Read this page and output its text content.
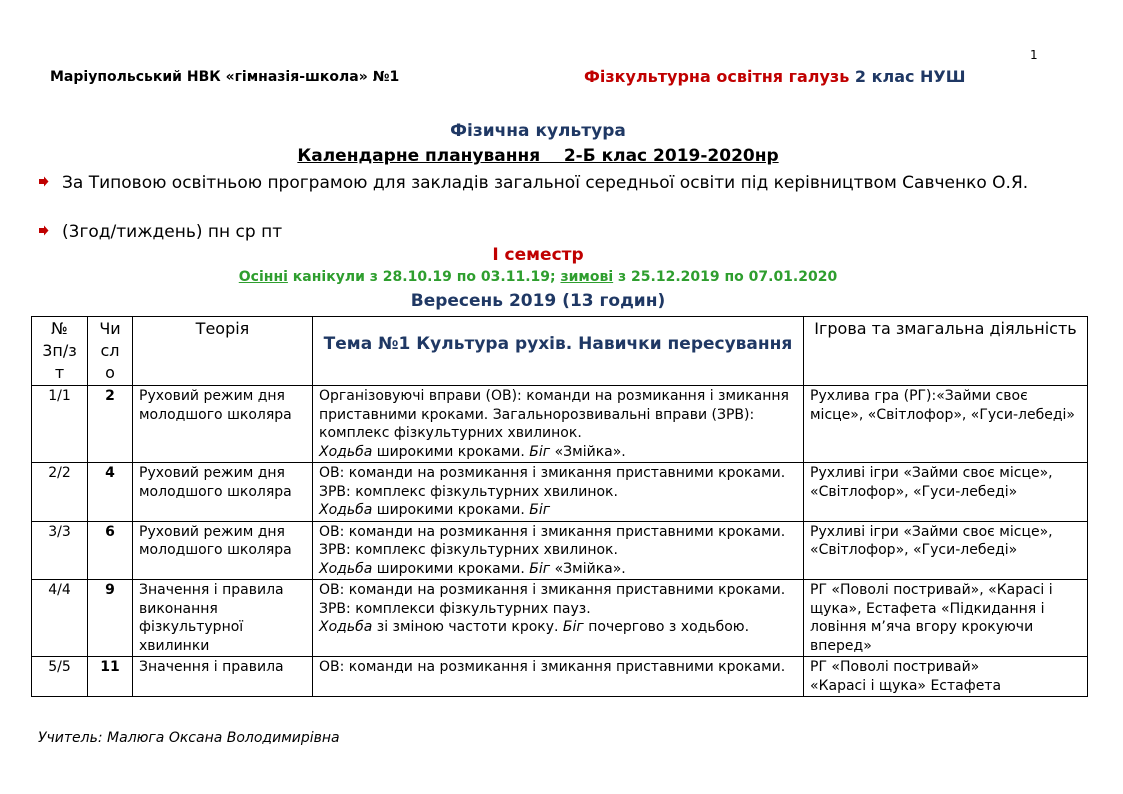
1
Маріупольський НВК «гімназія-школа» №1	Фізкультурна освітня галузь 2 клас НУШ
Фізична культура
Календарне планування    2-Б клас 2019-2020нр
За Типовою освітньою програмою для закладів загальної середньої освіти під керівництвом Савченко О.Я.
(3год/тиждень) пн ср пт
І семестр
Осінні канікули з 28.10.19 по 03.11.19; зимові з 25.12.2019 по 07.01.2020
Вересень 2019 (13 годин)
№ 3п/з т	Чи сл о	Теорія	Тема №1 Культура рухів. Навички пересування	Ігрова та змагальна діяльність
1/1	2	Руховий режим дня молодшого школяра	Організовуючі вправи (ОВ): команди на розмикання і змикання приставними кроками. Загальнорозвивальні вправи (ЗРВ): комплекс фізкультурних хвилинок.
Ходьба широкими кроками. Біг «Змійка».	Рухлива гра (РГ):«Займи своє місце», «Світлофор», «Гуси-лебеді»
2/2	4	Руховий режим дня молодшого школяра	ОВ: команди на розмикання і змикання приставними кроками. ЗРВ: комплекс фізкультурних хвилинок.
Ходьба широкими кроками. Біг	Рухливі ігри «Займи своє місце», «Світлофор», «Гуси-лебеді»
3/3	6	Руховий режим дня молодшого школяра	ОВ: команди на розмикання і змикання приставними кроками. ЗРВ: комплекс фізкультурних хвилинок.
Ходьба широкими кроками. Біг «Змійка».	Рухливі ігри «Займи своє місце», «Світлофор», «Гуси-лебеді»
4/4	9	Значення і правила виконання фізкультурної хвилинки	ОВ: команди на розмикання і змикання приставними кроками.
ЗРВ: комплекси фізкультурних пауз.
Ходьба зі зміною частоти кроку. Біг почергово з ходьбою.	РГ «Поволі постривай», «Карасі і щука», Естафета «Підкидання і ловіння м’яча вгору крокуючи вперед»
5/5	11	Значення і правила	ОВ: команди на розмикання і змикання приставними кроками.	РГ «Поволі постривай»
«Карасі і щука» Естафета
Учитель: Малюга Оксана Володимирівна
